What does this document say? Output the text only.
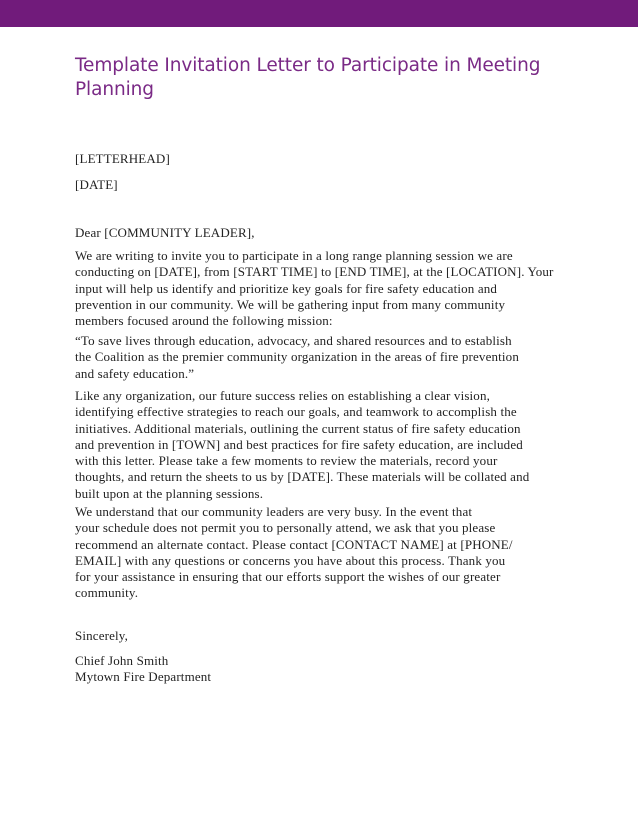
Template Invitation Letter to Participate in Meeting Planning

[LETTERHEAD]

[DATE]

Dear [COMMUNITY LEADER],

We are writing to invite you to participate in a long range planning session we are
conducting on [DATE], from [START TIME] to [END TIME], at the [LOCATION]. Your
input will help us identify and prioritize key goals for fire safety education and
prevention in our community. We will be gathering input from many community
members focused around the following mission:

“To save lives through education, advocacy, and shared resources and to establish
the Coalition as the premier community organization in the areas of fire prevention
and safety education.”

Like any organization, our future success relies on establishing a clear vision,
identifying effective strategies to reach our goals, and teamwork to accomplish the
initiatives. Additional materials, outlining the current status of fire safety education
and prevention in [TOWN] and best practices for fire safety education, are included
with this letter. Please take a few moments to review the materials, record your
thoughts, and return the sheets to us by [DATE]. These materials will be collated and
built upon at the planning sessions.

We understand that our community leaders are very busy. In the event that
your schedule does not permit you to personally attend, we ask that you please
recommend an alternate contact. Please contact [CONTACT NAME] at [PHONE/
EMAIL] with any questions or concerns you have about this process. Thank you
for your assistance in ensuring that our efforts support the wishes of our greater
community.

Sincerely,

Chief John Smith

Mytown Fire Department
